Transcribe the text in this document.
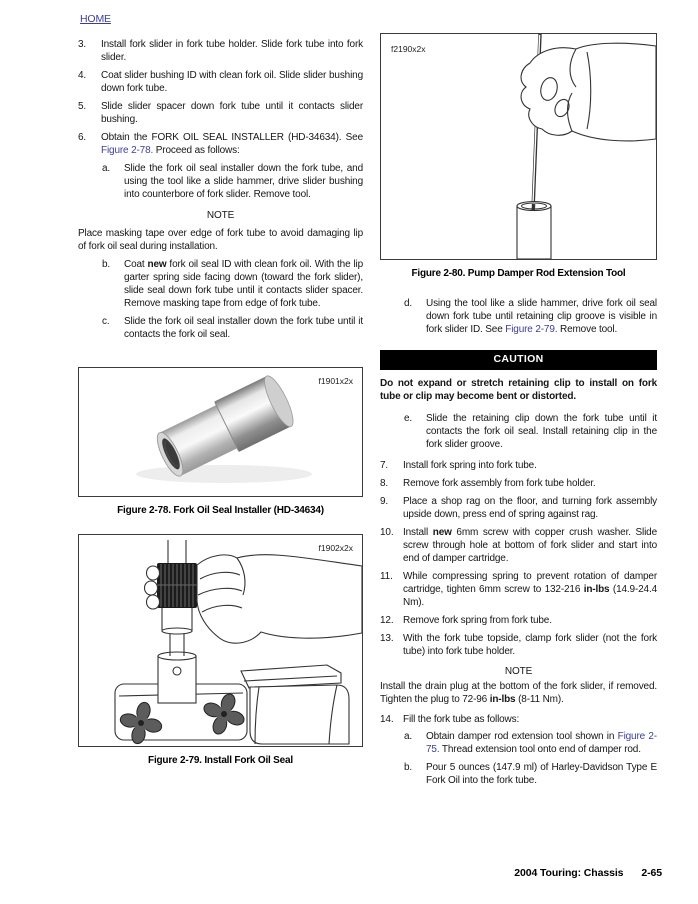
HOME
3.	Install fork slider in fork tube holder. Slide fork tube into fork slider.
4.	Coat slider bushing ID with clean fork oil. Slide slider bushing down fork tube.
5.	Slide slider spacer down fork tube until it contacts slider bushing.
6.	Obtain the FORK OIL SEAL INSTALLER (HD-34634). See Figure 2-78. Proceed as follows:
a.	Slide the fork oil seal installer down the fork tube, and using the tool like a slide hammer, drive slider bushing into counterbore of fork slider. Remove tool.
NOTE
Place masking tape over edge of fork tube to avoid damaging lip of fork oil seal during installation.
b.	Coat new fork oil seal ID with clean fork oil. With the lip garter spring side facing down (toward the fork slider), slide seal down fork tube until it contacts slider spacer. Remove masking tape from edge of fork tube.
c.	Slide the fork oil seal installer down the fork tube until it contacts the fork oil seal.
f1901x2x
Figure 2-78. Fork Oil Seal Installer (HD-34634)
f1902x2x
Figure 2-79. Install Fork Oil Seal
f2190x2x
Figure 2-80. Pump Damper Rod Extension Tool
d.	Using the tool like a slide hammer, drive fork oil seal down fork tube until retaining clip groove is visible in fork slider ID. See Figure 2-79. Remove tool.
CAUTION
Do not expand or stretch retaining clip to install on fork tube or clip may become bent or distorted.
e.	Slide the retaining clip down the fork tube until it contacts the fork oil seal. Install retaining clip in the fork slider groove.
7.	Install fork spring into fork tube.
8.	Remove fork assembly from fork tube holder.
9.	Place a shop rag on the floor, and turning fork assembly upside down, press end of spring against rag.
10. Install new 6mm screw with copper crush washer. Slide screw through hole at bottom of fork slider and start into end of damper cartridge.
11.	While compressing spring to prevent rotation of damper cartridge, tighten 6mm screw to 132-216 in-lbs (14.9-24.4 Nm).
12. Remove fork spring from fork tube.
13. With the fork tube topside, clamp fork slider (not the fork tube) into fork tube holder.
NOTE
Install the drain plug at the bottom of the fork slider, if removed. Tighten the plug to 72-96 in-lbs (8-11 Nm).
14. Fill the fork tube as follows:
a.	Obtain damper rod extension tool shown in Figure 2-75. Thread extension tool onto end of damper rod.
b.	Pour 5 ounces (147.9 ml) of Harley-Davidson Type E Fork Oil into the fork tube.
2004 Touring: Chassis 2-65
